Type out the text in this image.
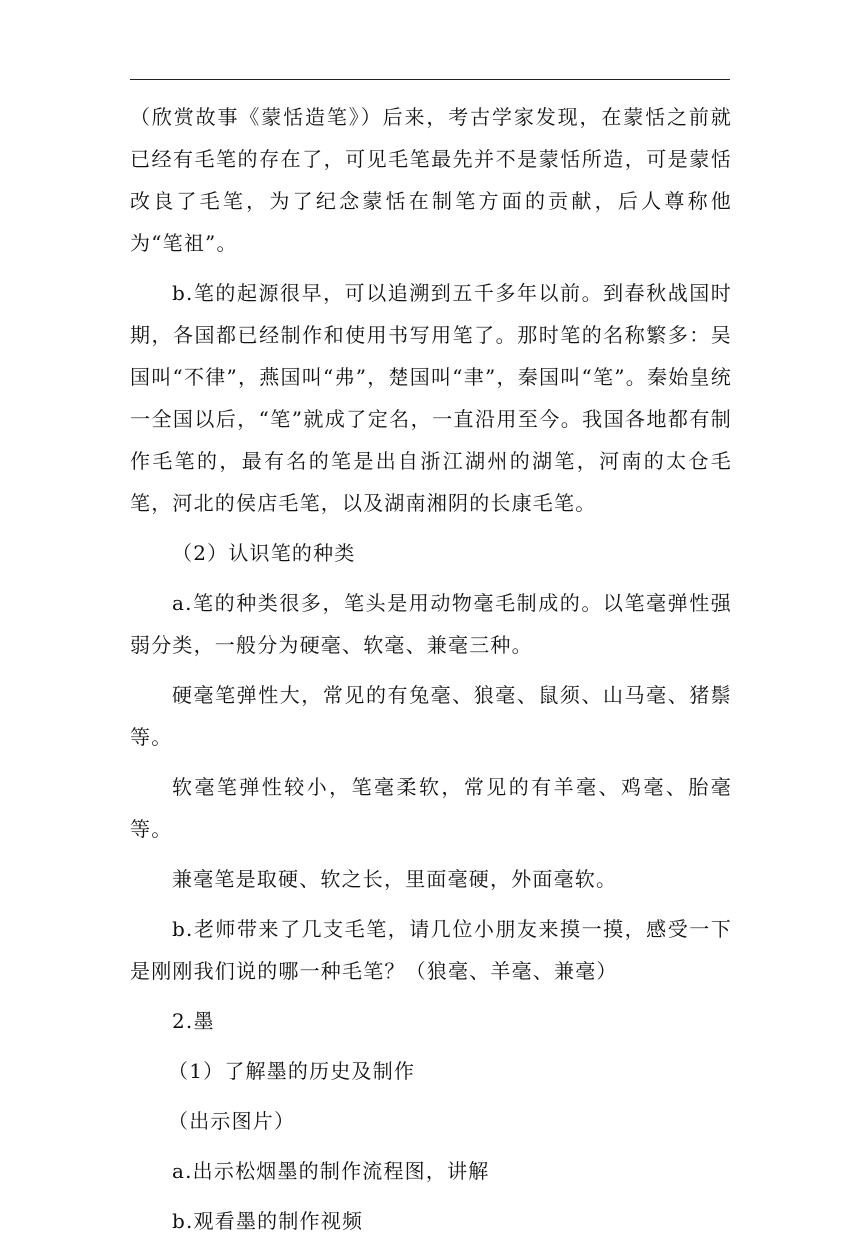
（欣赏故事《蒙恬造笔》）后来，考古学家发现，在蒙恬之前就已经有毛笔的存在了，可见毛笔最先并不是蒙恬所造，可是蒙恬改良了毛笔，为了纪念蒙恬在制笔方面的贡献，后人尊称他为“笔祖”。

b.笔的起源很早，可以追溯到五千多年以前。到春秋战国时期，各国都已经制作和使用书写用笔了。那时笔的名称繁多：吴国叫“不律”，燕国叫“弗”，楚国叫“聿”，秦国叫“笔”。秦始皇统一全国以后，“笔”就成了定名，一直沿用至今。我国各地都有制作毛笔的，最有名的笔是出自浙江湖州的湖笔，河南的太仓毛笔，河北的侯店毛笔，以及湖南湘阴的长康毛笔。

（2）认识笔的种类

a.笔的种类很多，笔头是用动物毫毛制成的。以笔毫弹性强弱分类，一般分为硬毫、软毫、兼毫三种。

硬毫笔弹性大，常见的有兔毫、狼毫、鼠须、山马毫、猪鬃等。

软毫笔弹性较小，笔毫柔软，常见的有羊毫、鸡毫、胎毫等。

兼毫笔是取硬、软之长，里面毫硬，外面毫软。

b.老师带来了几支毛笔，请几位小朋友来摸一摸，感受一下是刚刚我们说的哪一种毛笔？（狼毫、羊毫、兼毫）

2.墨

（1）了解墨的历史及制作

（出示图片）

a.出示松烟墨的制作流程图，讲解

b.观看墨的制作视频
